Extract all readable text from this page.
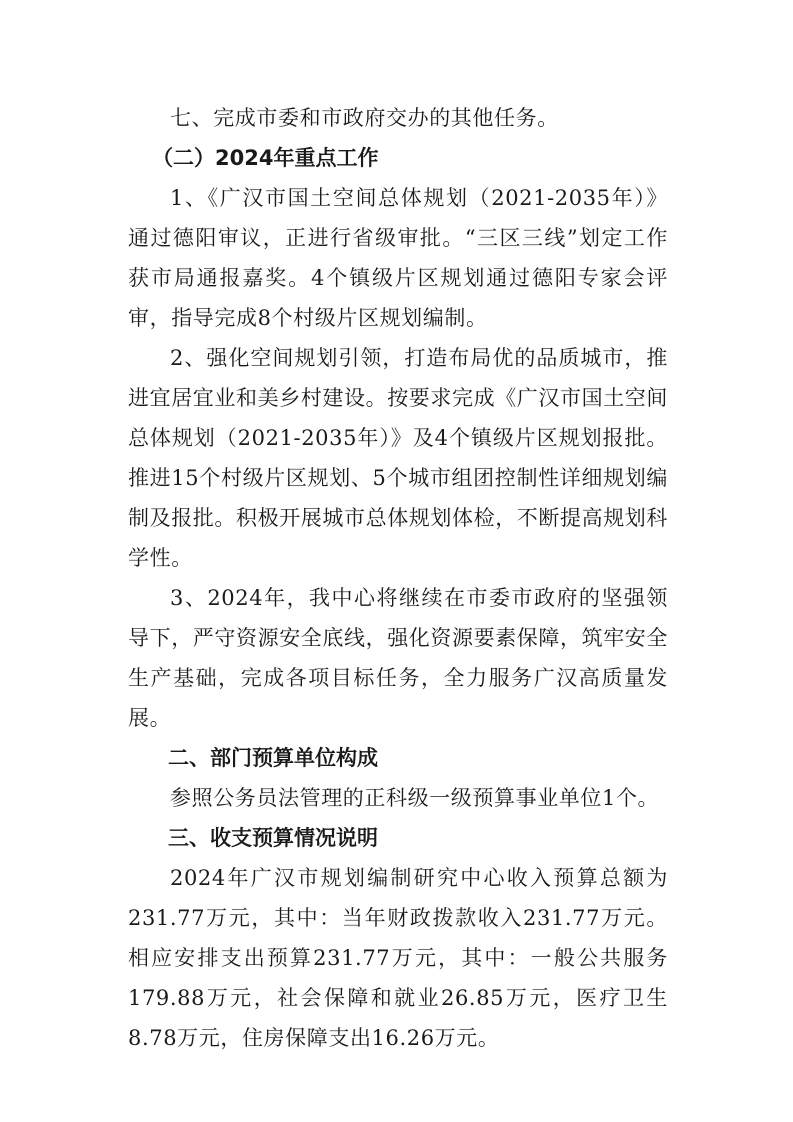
七、完成市委和市政府交办的其他任务。

（二）2024年重点工作

1、《广汉市国土空间总体规划（2021-2035年）》通过德阳审议，正进行省级审批。“三区三线”划定工作获市局通报嘉奖。4个镇级片区规划通过德阳专家会评审，指导完成8个村级片区规划编制。

2、强化空间规划引领，打造布局优的品质城市，推进宜居宜业和美乡村建设。按要求完成《广汉市国土空间总体规划（2021-2035年）》及4个镇级片区规划报批。推进15个村级片区规划、5个城市组团控制性详细规划编制及报批。积极开展城市总体规划体检，不断提高规划科学性。

3、2024年，我中心将继续在市委市政府的坚强领导下，严守资源安全底线，强化资源要素保障，筑牢安全生产基础，完成各项目标任务，全力服务广汉高质量发展。

二、部门预算单位构成

参照公务员法管理的正科级一级预算事业单位1个。

三、收支预算情况说明

2024年广汉市规划编制研究中心收入预算总额为231.77万元，其中：当年财政拨款收入231.77万元。相应安排支出预算231.77万元，其中：一般公共服务179.88万元，社会保障和就业26.85万元，医疗卫生8.78万元，住房保障支出16.26万元。
